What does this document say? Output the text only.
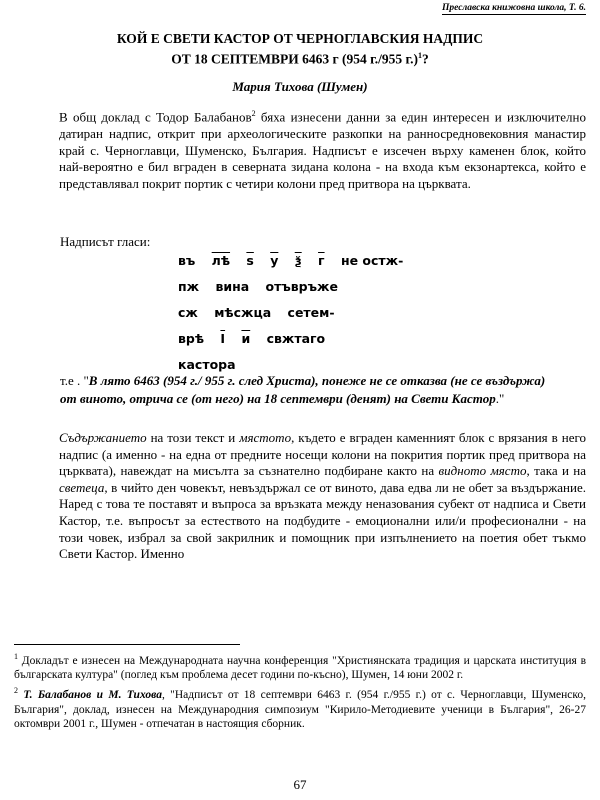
Преславска книжовна школа, Т. 6.
КОЙ Е СВЕТИ КАСТОР ОТ ЧЕРНОГЛАВСКИЯ НАДПИС
ОТ 18 СЕПТЕМВРИ 6463 г (954 г./955 г.)$^1$?
Мария Тихова (Шумен)
В общ доклад с Тодор Балабанов$^2$ бяха изнесени данни за един интересен и изключително датиран надпис, открит при археологическите разкопки на ранносредновековния манастир край с. Черноглавци, Шуменско, България. Надписът е изсечен върху каменен блок, който най-вероятно е бил вграден в северната зидана колона - на входа към екзонартекса, който е представлявал покрит портик с четири колони пред притвора на църквата.
Надписът гласи:
въ лѣ ѕ у ѯ г не остж-
пж вина отъвръже
сж мѣсжца сетем-
врѣ Ӏ и свжтаго
кастора
т.е . "В лято 6463 (954 г./ 955 г. след Христа), понеже не се отказва (не се въздържа) от виното, отрича се (от него) на 18 септември (денят) на Свети Кастор."
Съдържанието на този текст и мястото, където е вграден каменният блок с врязания в него надпис (а именно - на една от предните носещи колони на покрития портик пред притвора на църквата), навеждат на мисълта за съзнателно подбиране както на видното място, така и на светеца, в чийто ден човекът, невъздържал се от виното, дава едва ли не обет за въздържание. Наред с това те поставят и въпроса за връзката между неназования субект от надписа и Свети Кастор, т.е. въпросът за естеството на подбудите - емоционални или/и професионални - на този човек, избрал за свой закрилник и помощник при изпълнението на поетия обет тъкмо Свети Кастор. Именно
$^1$ Докладът е изнесен на Международната научна конференция "Християнската традиция и царската институция в българската култура" (поглед към проблема десет години по-късно), Шумен, 14 юни 2002 г.
$^2$ Т. Балабанов и М. Тихова, "Надписът от 18 септември 6463 г. (954 г./955 г.) от с. Черноглавци, Шуменско, България", доклад, изнесен на Международния симпозиум "Кирило-Методиевите ученици в България", 26-27 октомври 2001 г., Шумен - отпечатан в настоящия сборник.
67
